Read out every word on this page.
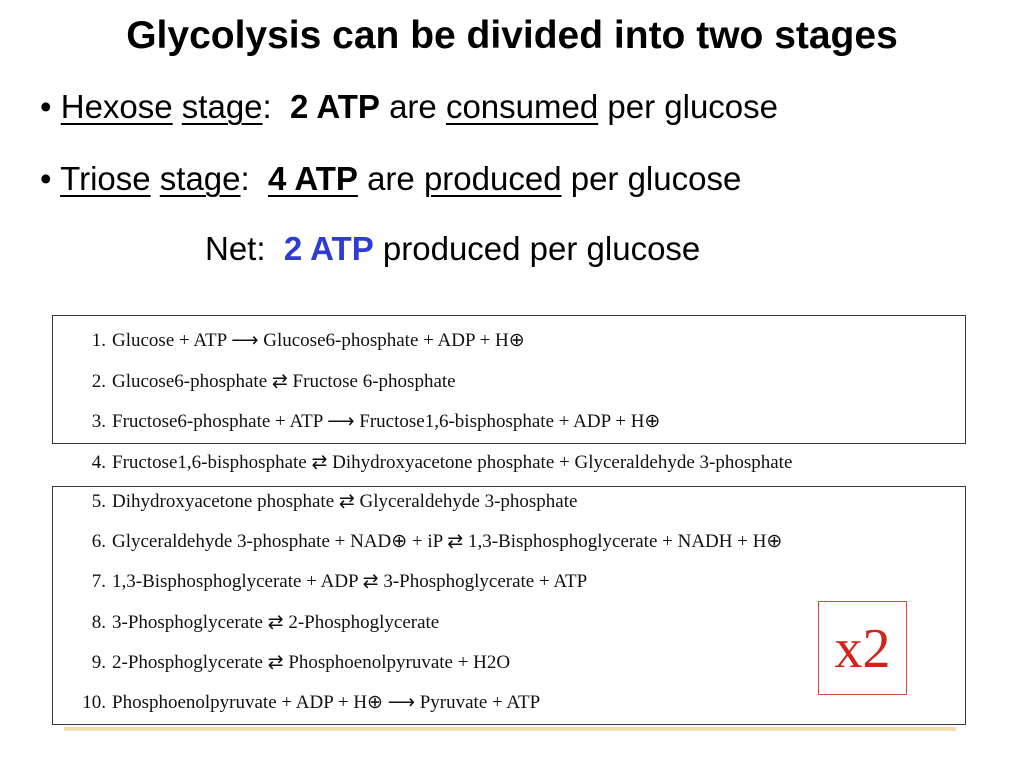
Glycolysis can be divided into two stages
• Hexose stage: 2 ATP are consumed per glucose
• Triose stage: 4 ATP are produced per glucose
Net: 2 ATP produced per glucose
1. Glucose + ATP ⟶ Glucose6-phosphate + ADP + H⊕
2. Glucose6-phosphate ⇄ Fructose 6-phosphate
3. Fructose6-phosphate + ATP ⟶ Fructose1,6-bisphosphate + ADP + H⊕
4. Fructose1,6-bisphosphate ⇄ Dihydroxyacetone phosphate + Glyceraldehyde 3-phosphate
5. Dihydroxyacetone phosphate ⇄ Glyceraldehyde 3-phosphate
6. Glyceraldehyde 3-phosphate + NAD⊕ + iP ⇄ 1,3-Bisphosphoglycerate + NADH + H⊕
7. 1,3-Bisphosphoglycerate + ADP ⇄ 3-Phosphoglycerate + ATP
8. 3-Phosphoglycerate ⇄ 2-Phosphoglycerate
9. 2-Phosphoglycerate ⇄ Phosphoenolpyruvate + H2O
10. Phosphoenolpyruvate + ADP + H⊕ ⟶ Pyruvate + ATP
x2
